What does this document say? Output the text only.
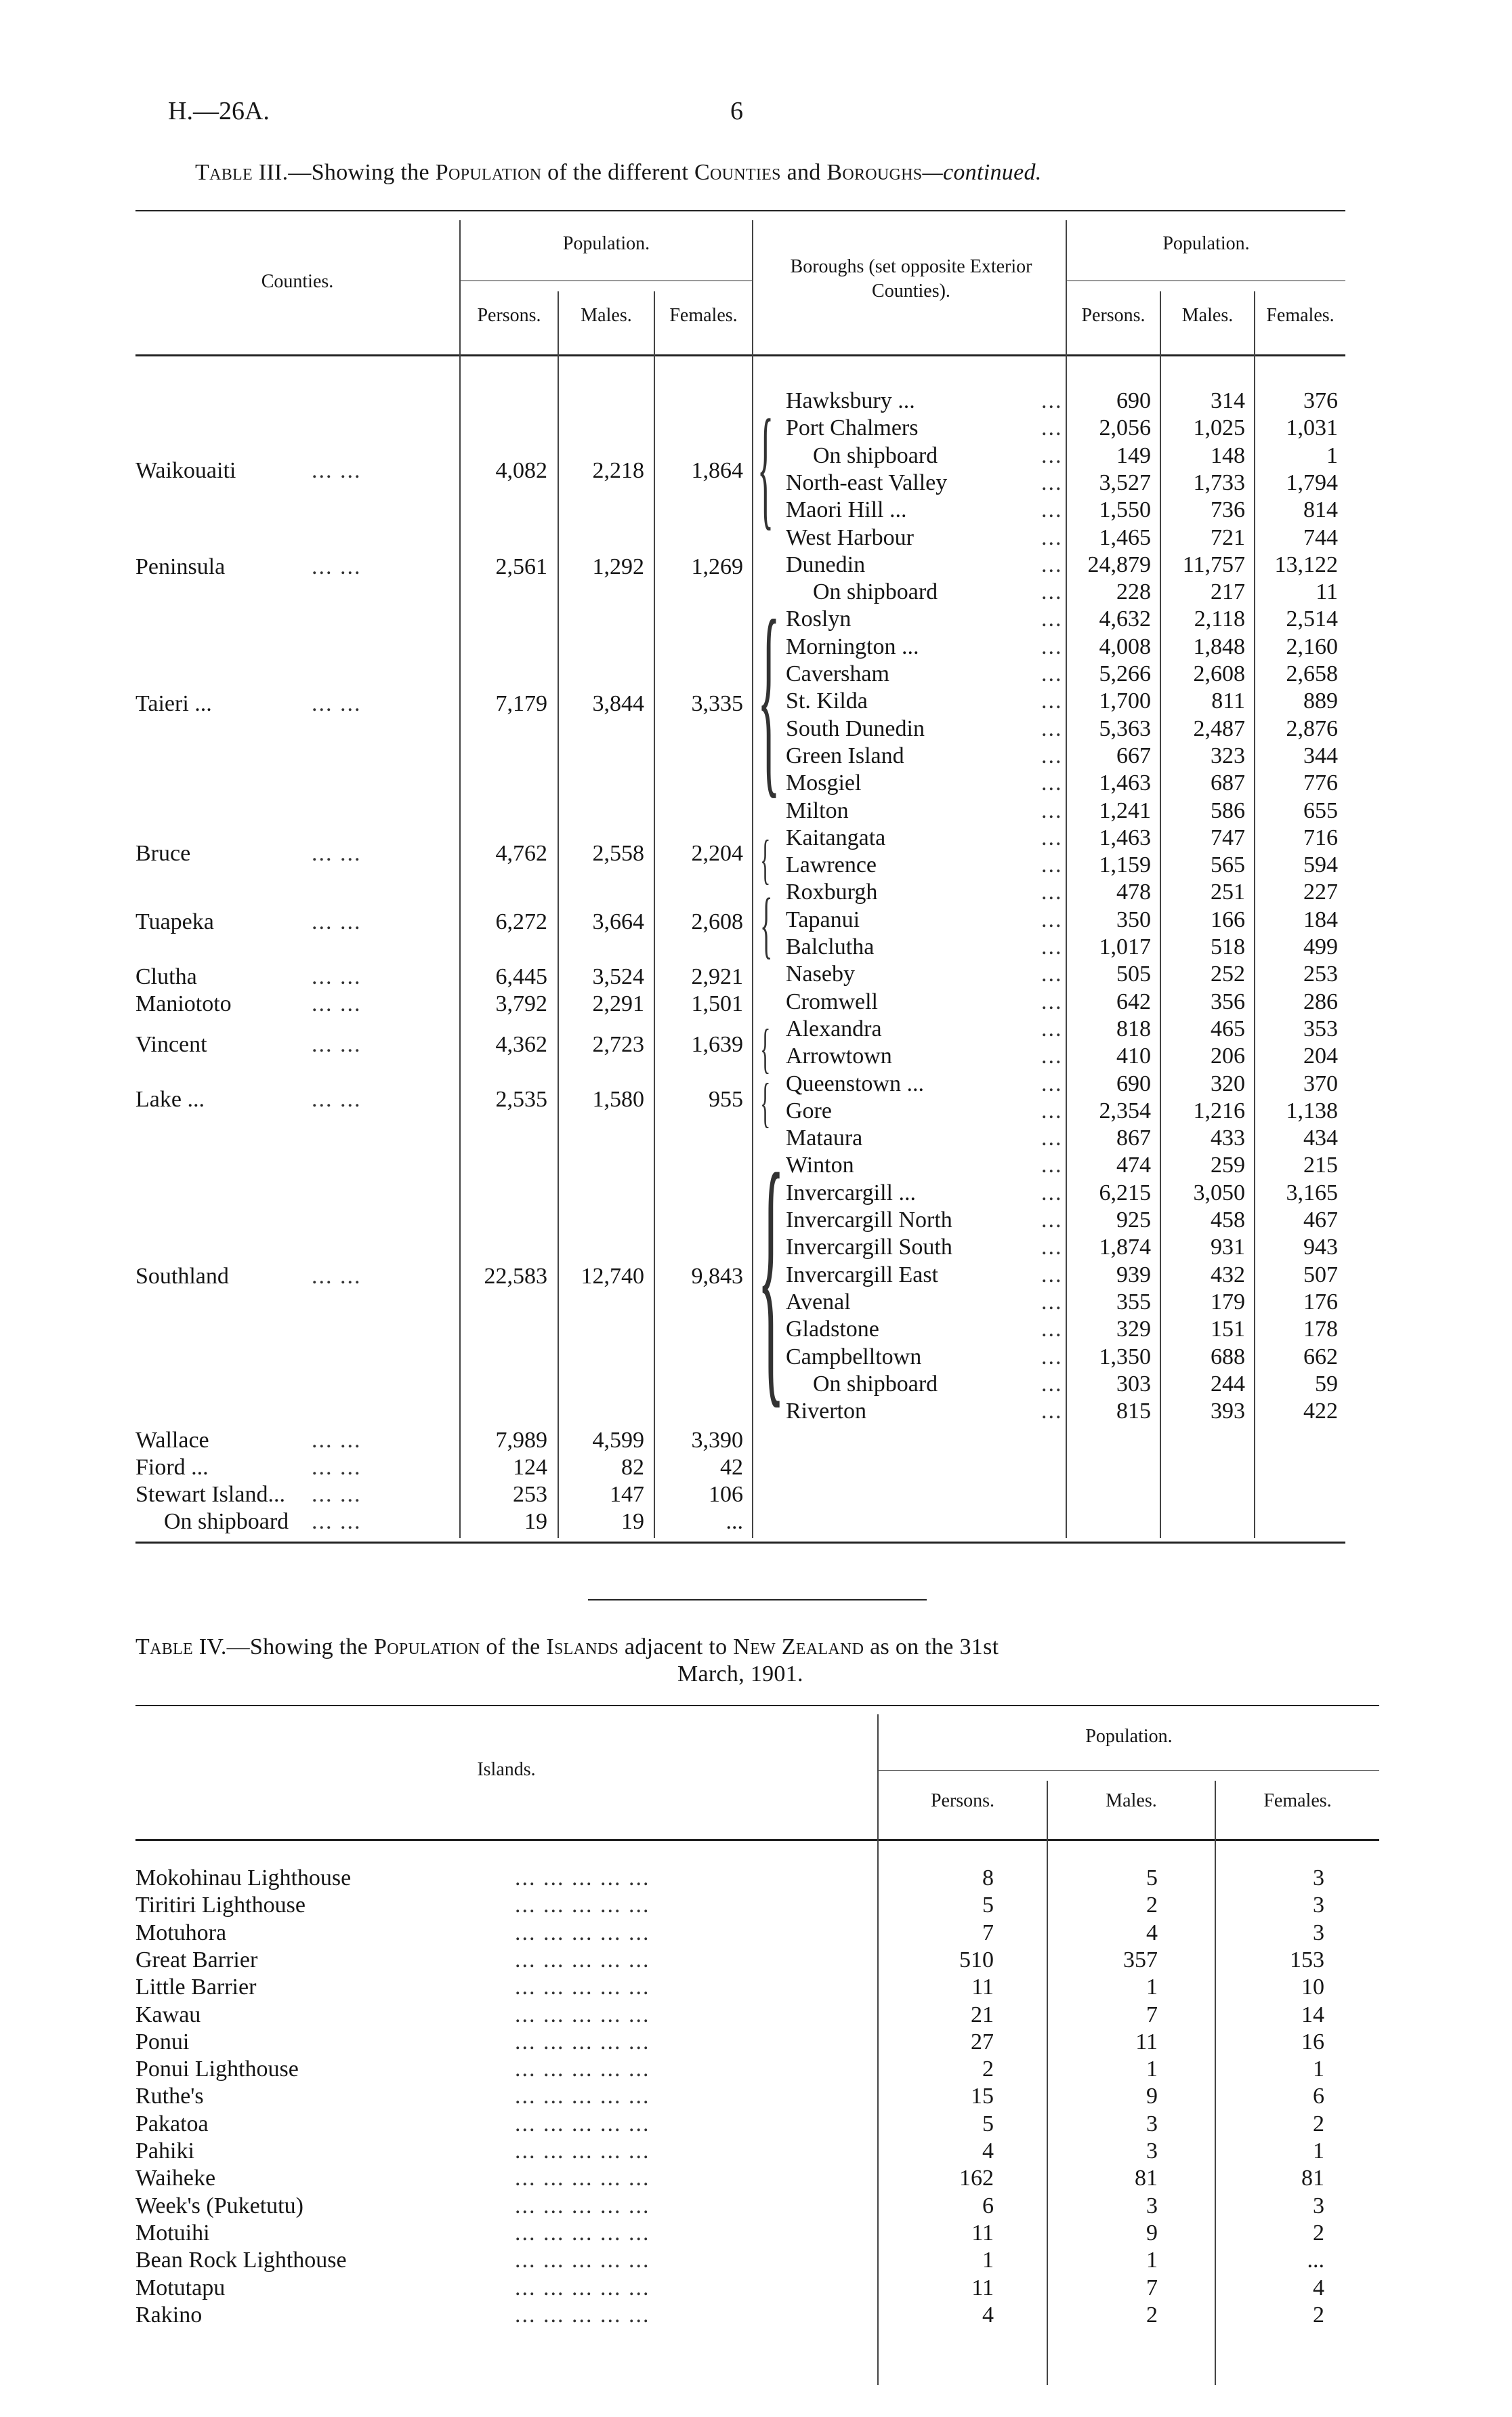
H.—26A.	6
Table III.—Showing the Population of the different Counties and Boroughs—continued.
Counties.
Population.
Persons.	Males.	Females.
Boroughs (set opposite Exterior Counties).
Population.
Persons.	Males.	Females.
Waikouaiti	... ...	4,082	2,218	1,864
Peninsula	... ...	2,561	1,292	1,269
Taieri ...	... ...	7,179	3,844	3,335
Bruce	... ...	4,762	2,558	2,204
Tuapeka	... ...	6,272	3,664	2,608
Clutha	... ...	6,445	3,524	2,921
Maniototo	... ...	3,792	2,291	1,501
Vincent	... ...	4,362	2,723	1,639
Lake ...	... ...	2,535	1,580	955
Southland	... ...	22,583	12,740	9,843
Wallace	... ...	7,989	4,599	3,390
Fiord ...	... ...	124	82	42
Stewart Island... ... ...	253	147	106
On shipboard ... ...	19	19	...
Hawksbury ...	...	690	314	376
Port Chalmers	...	2,056	1,025	1,031
On shipboard	...	149	148	1
North-east Valley	...	3,527	1,733	1,794
Maori Hill ...	...	1,550	736	814
West Harbour	...	1,465	721	744
Dunedin	...	24,879	11,757	13,122
On shipboard	...	228	217	11
Roslyn	...	4,632	2,118	2,514
Mornington ...	...	4,008	1,848	2,160
Caversham	...	5,266	2,608	2,658
St. Kilda	...	1,700	811	889
South Dunedin	...	5,363	2,487	2,876
Green Island	...	667	323	344
Mosgiel	...	1,463	687	776
Milton	...	1,241	586	655
Kaitangata	...	1,463	747	716
Lawrence	...	1,159	565	594
Roxburgh	...	478	251	227
Tapanui	...	350	166	184
Balclutha	...	1,017	518	499
Naseby	...	505	252	253
Cromwell	...	642	356	286
Alexandra	...	818	465	353
Arrowtown	...	410	206	204
Queenstown ...	...	690	320	370
Gore	...	2,354	1,216	1,138
Mataura	...	867	433	434
Winton	...	474	259	215
Invercargill ...	...	6,215	3,050	3,165
Invercargill North	...	925	458	467
Invercargill South	...	1,874	931	943
Invercargill East	...	939	432	507
Avenal	...	355	179	176
Gladstone	...	329	151	178
Campbelltown	...	1,350	688	662
On shipboard	...	303	244	59
Riverton	...	815	393	422
{
{
{
{
{
{
{
Table IV.—Showing the Population of the Islands adjacent to New Zealand as on the 31st
March, 1901.
Islands.
Population.
Persons.	Males.	Females.
Mokohinau Lighthouse	... ... ... ... ...	8	5	3
Tiritiri Lighthouse	... ... ... ... ...	5	2	3
Motuhora	... ... ... ... ...	7	4	3
Great Barrier	... ... ... ... ...	510	357	153
Little Barrier	... ... ... ... ...	11	1	10
Kawau	... ... ... ... ...	21	7	14
Ponui	... ... ... ... ...	27	11	16
Ponui Lighthouse	... ... ... ... ...	2	1	1
Ruthe's	... ... ... ... ...	15	9	6
Pakatoa	... ... ... ... ...	5	3	2
Pahiki	... ... ... ... ...	4	3	1
Waiheke	... ... ... ... ...	162	81	81
Week's (Puketutu)	... ... ... ... ...	6	3	3
Motuihi	... ... ... ... ...	11	9	2
Bean Rock Lighthouse	... ... ... ... ...	1	1	...
Motutapu	... ... ... ... ...	11	7	4
Rakino	... ... ... ... ...	4	2	2
